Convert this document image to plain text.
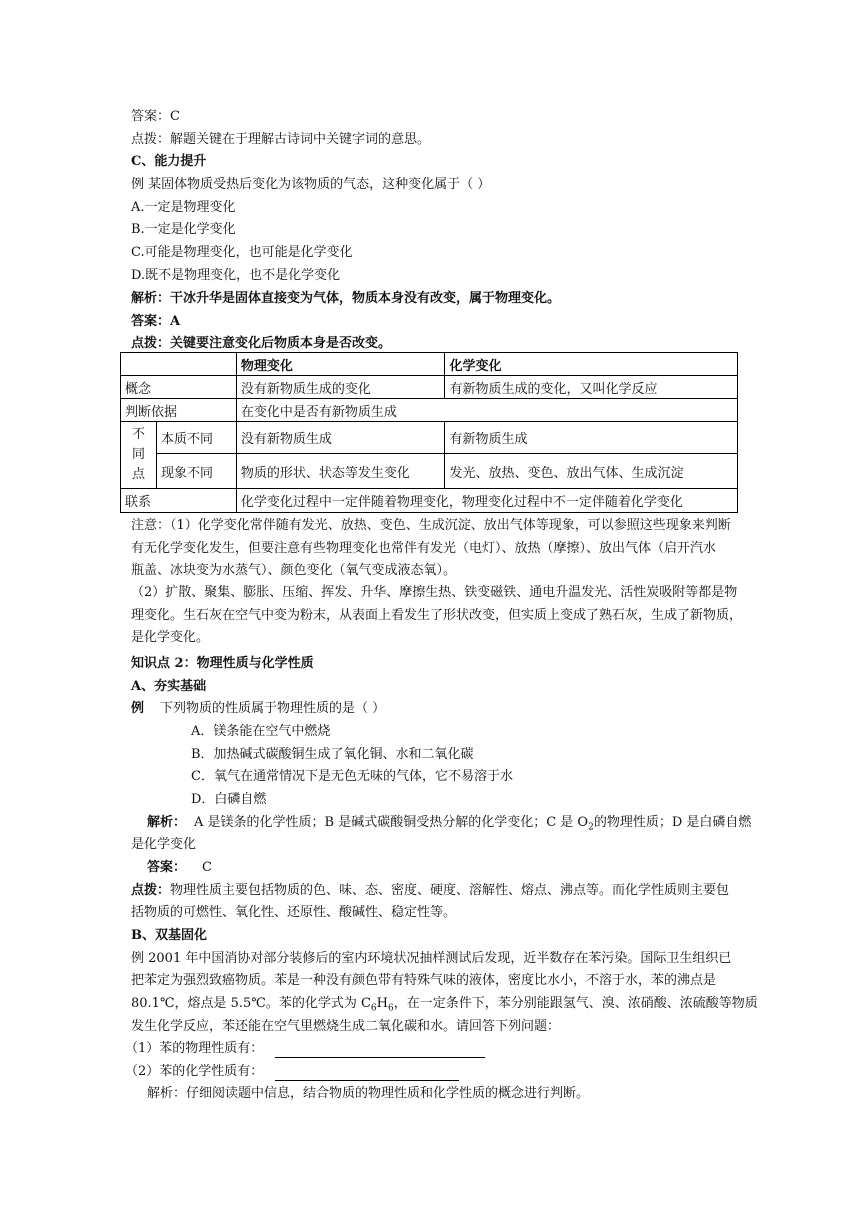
答案：C
点拨：解题关键在于理解古诗词中关键字词的意思。
C、能力提升
例 某固体物质受热后变化为该物质的气态，这种变化属于（ ）
A.一定是物理变化
B.一定是化学变化
C.可能是物理变化，也可能是化学变化
D.既不是物理变化，也不是化学变化
解析：干冰升华是固体直接变为气体，物质本身没有改变，属于物理变化。
答案：A
点拨：关键要注意变化后物质本身是否改变。
		物理变化	化学变化
概念		没有新物质生成的变化	有新物质生成的变化，又叫化学反应
判断依据		在变化中是否有新物质生成	
不同点	本质不同	没有新物质生成	有新物质生成
	现象不同	物质的形状、状态等发生变化	发光、放热、变色、放出气体、生成沉淀
联系		化学变化过程中一定伴随着物理变化，物理变化过程中不一定伴随着化学变化	
注意：（1）化学变化常伴随有发光、放热、变色、生成沉淀、放出气体等现象，可以参照这些现象来判断
有无化学变化发生，但要注意有些物理变化也常伴有发光（电灯）、放热（摩擦）、放出气体（启开汽水
瓶盖、冰块变为水蒸气）、颜色变化（氧气变成液态氧）。
（2）扩散、聚集、膨胀、压缩、挥发、升华、摩擦生热、铁变磁铁、通电升温发光、活性炭吸附等都是物
理变化。生石灰在空气中变为粉末，从表面上看发生了形状改变，但实质上变成了熟石灰，生成了新物质，
是化学变化。
知识点 2：物理性质与化学性质
A、夯实基础
例 下列物质的性质属于物理性质的是（ ）
A．镁条能在空气中燃烧
B．加热碱式碳酸铜生成了氧化铜、水和二氧化碳
C．氧气在通常情况下是无色无味的气体，它不易溶于水
D．白磷自燃
解析： A 是镁条的化学性质；B 是碱式碳酸铜受热分解的化学变化；C 是 $O_2$的物理性质；D 是白磷自燃
是化学变化
答案： C
点拨：物理性质主要包括物质的色、味、态、密度、硬度、溶解性、熔点、沸点等。而化学性质则主要包
括物质的可燃性、氧化性、还原性、酸碱性、稳定性等。
B、双基固化
例 2001 年中国消协对部分装修后的室内环境状况抽样测试后发现，近半数存在苯污染。国际卫生组织已
把苯定为强烈致癌物质。苯是一种没有颜色带有特殊气味的液体，密度比水小，不溶于水，苯的沸点是
80.1℃，熔点是 5.5℃。苯的化学式为 $C_6H_6$，在一定条件下，苯分别能跟氢气、溴、浓硝酸、浓硫酸等物质
发生化学反应，苯还能在空气里燃烧生成二氧化碳和水。请回答下列问题：
（1）苯的物理性质有：
（2）苯的化学性质有：
解析：仔细阅读题中信息，结合物质的物理性质和化学性质的概念进行判断。
